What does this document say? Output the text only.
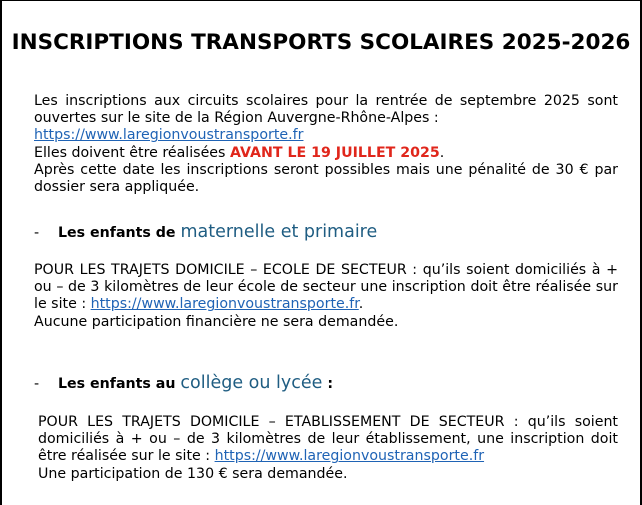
INSCRIPTIONS TRANSPORTS SCOLAIRES 2025-2026
Les inscriptions aux circuits scolaires pour la rentrée de septembre 2025 sont ouvertes sur le site de la Région Auvergne-Rhône-Alpes :
https://www.laregionvoustransporte.fr
Elles doivent être réalisées AVANT LE 19 JUILLET 2025.
Après cette date les inscriptions seront possibles mais une pénalité de 30 € par dossier sera appliquée.
- Les enfants de maternelle et primaire
POUR LES TRAJETS DOMICILE – ECOLE DE SECTEUR : qu’ils soient domiciliés à + ou – de 3 kilomètres de leur école de secteur une inscription doit être réalisée sur le site : https://www.laregionvoustransporte.fr.
Aucune participation financière ne sera demandée.
- Les enfants au collège ou lycée :
POUR LES TRAJETS DOMICILE – ETABLISSEMENT DE SECTEUR : qu’ils soient domiciliés à + ou – de 3 kilomètres de leur établissement, une inscription doit être réalisée sur le site : https://www.laregionvoustransporte.fr
Une participation de 130 € sera demandée.
